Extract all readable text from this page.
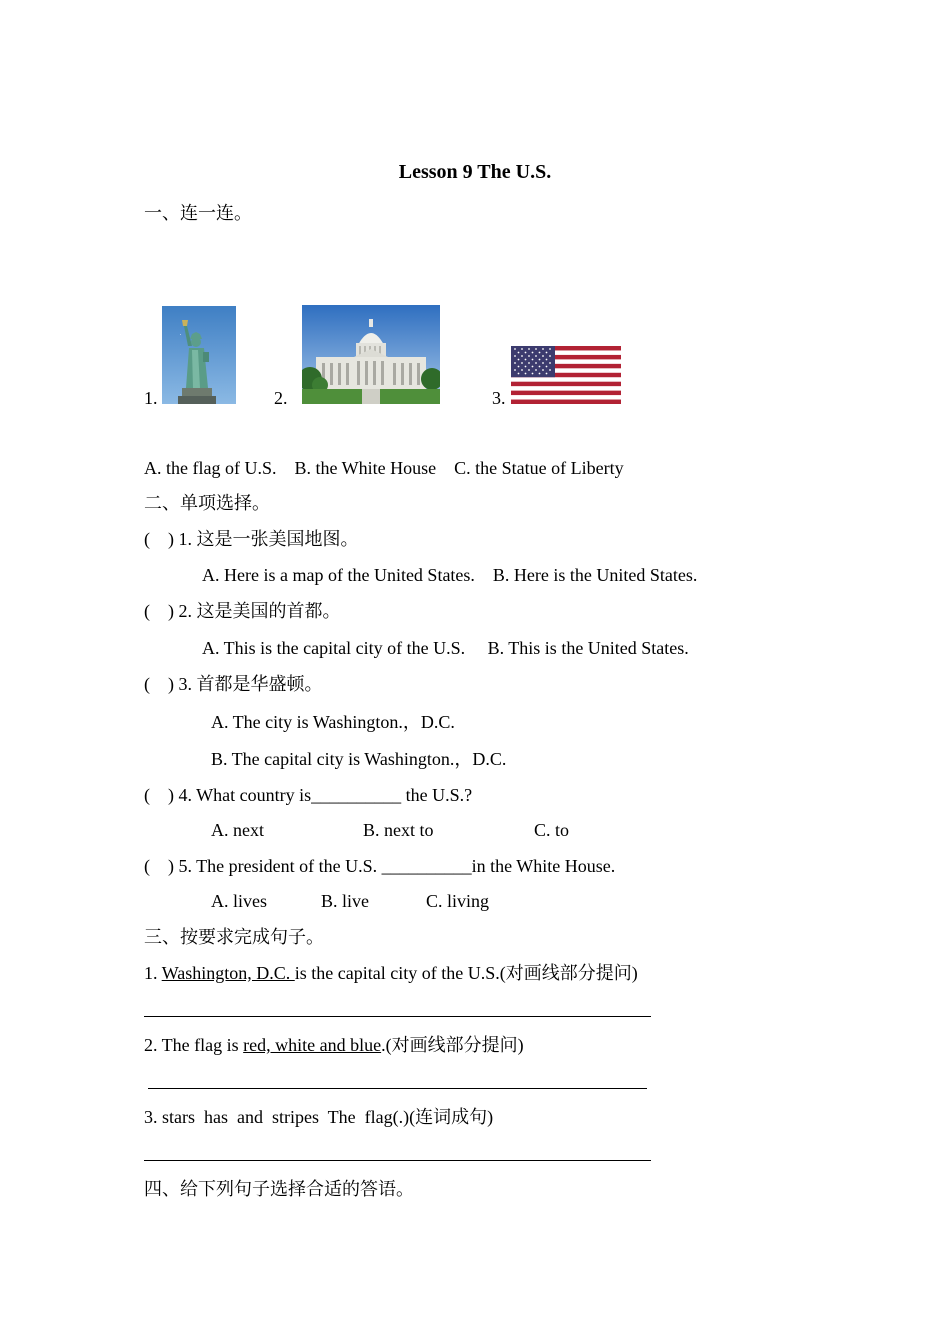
Lesson 9 The U.S.
一、连一连。
1.	2.	3.
A. the flag of U.S.    B. the White House    C. the Statue of Liberty
二、单项选择。
(    ) 1. 这是一张美国地图。
A. Here is a map of the United States.    B. Here is the United States.
(    ) 2. 这是美国的首都。
A. This is the capital city of the U.S.     B. This is the United States.
(    ) 3. 首都是华盛顿。
A. The city is Washington.，D.C.
B. The capital city is Washington.，D.C.
(    ) 4. What country is__________ the U.S.?
A. next	B. next to	C. to
(    ) 5. The president of the U.S. __________in the White House.
A. lives	B. live	C. living
三、按要求完成句子。
1. Washington, D.C. is the capital city of the U.S.(对画线部分提问)
2. The flag is red, white and blue.(对画线部分提问)
3. stars  has  and  stripes  The  flag(.)(连词成句)
四、给下列句子选择合适的答语。
